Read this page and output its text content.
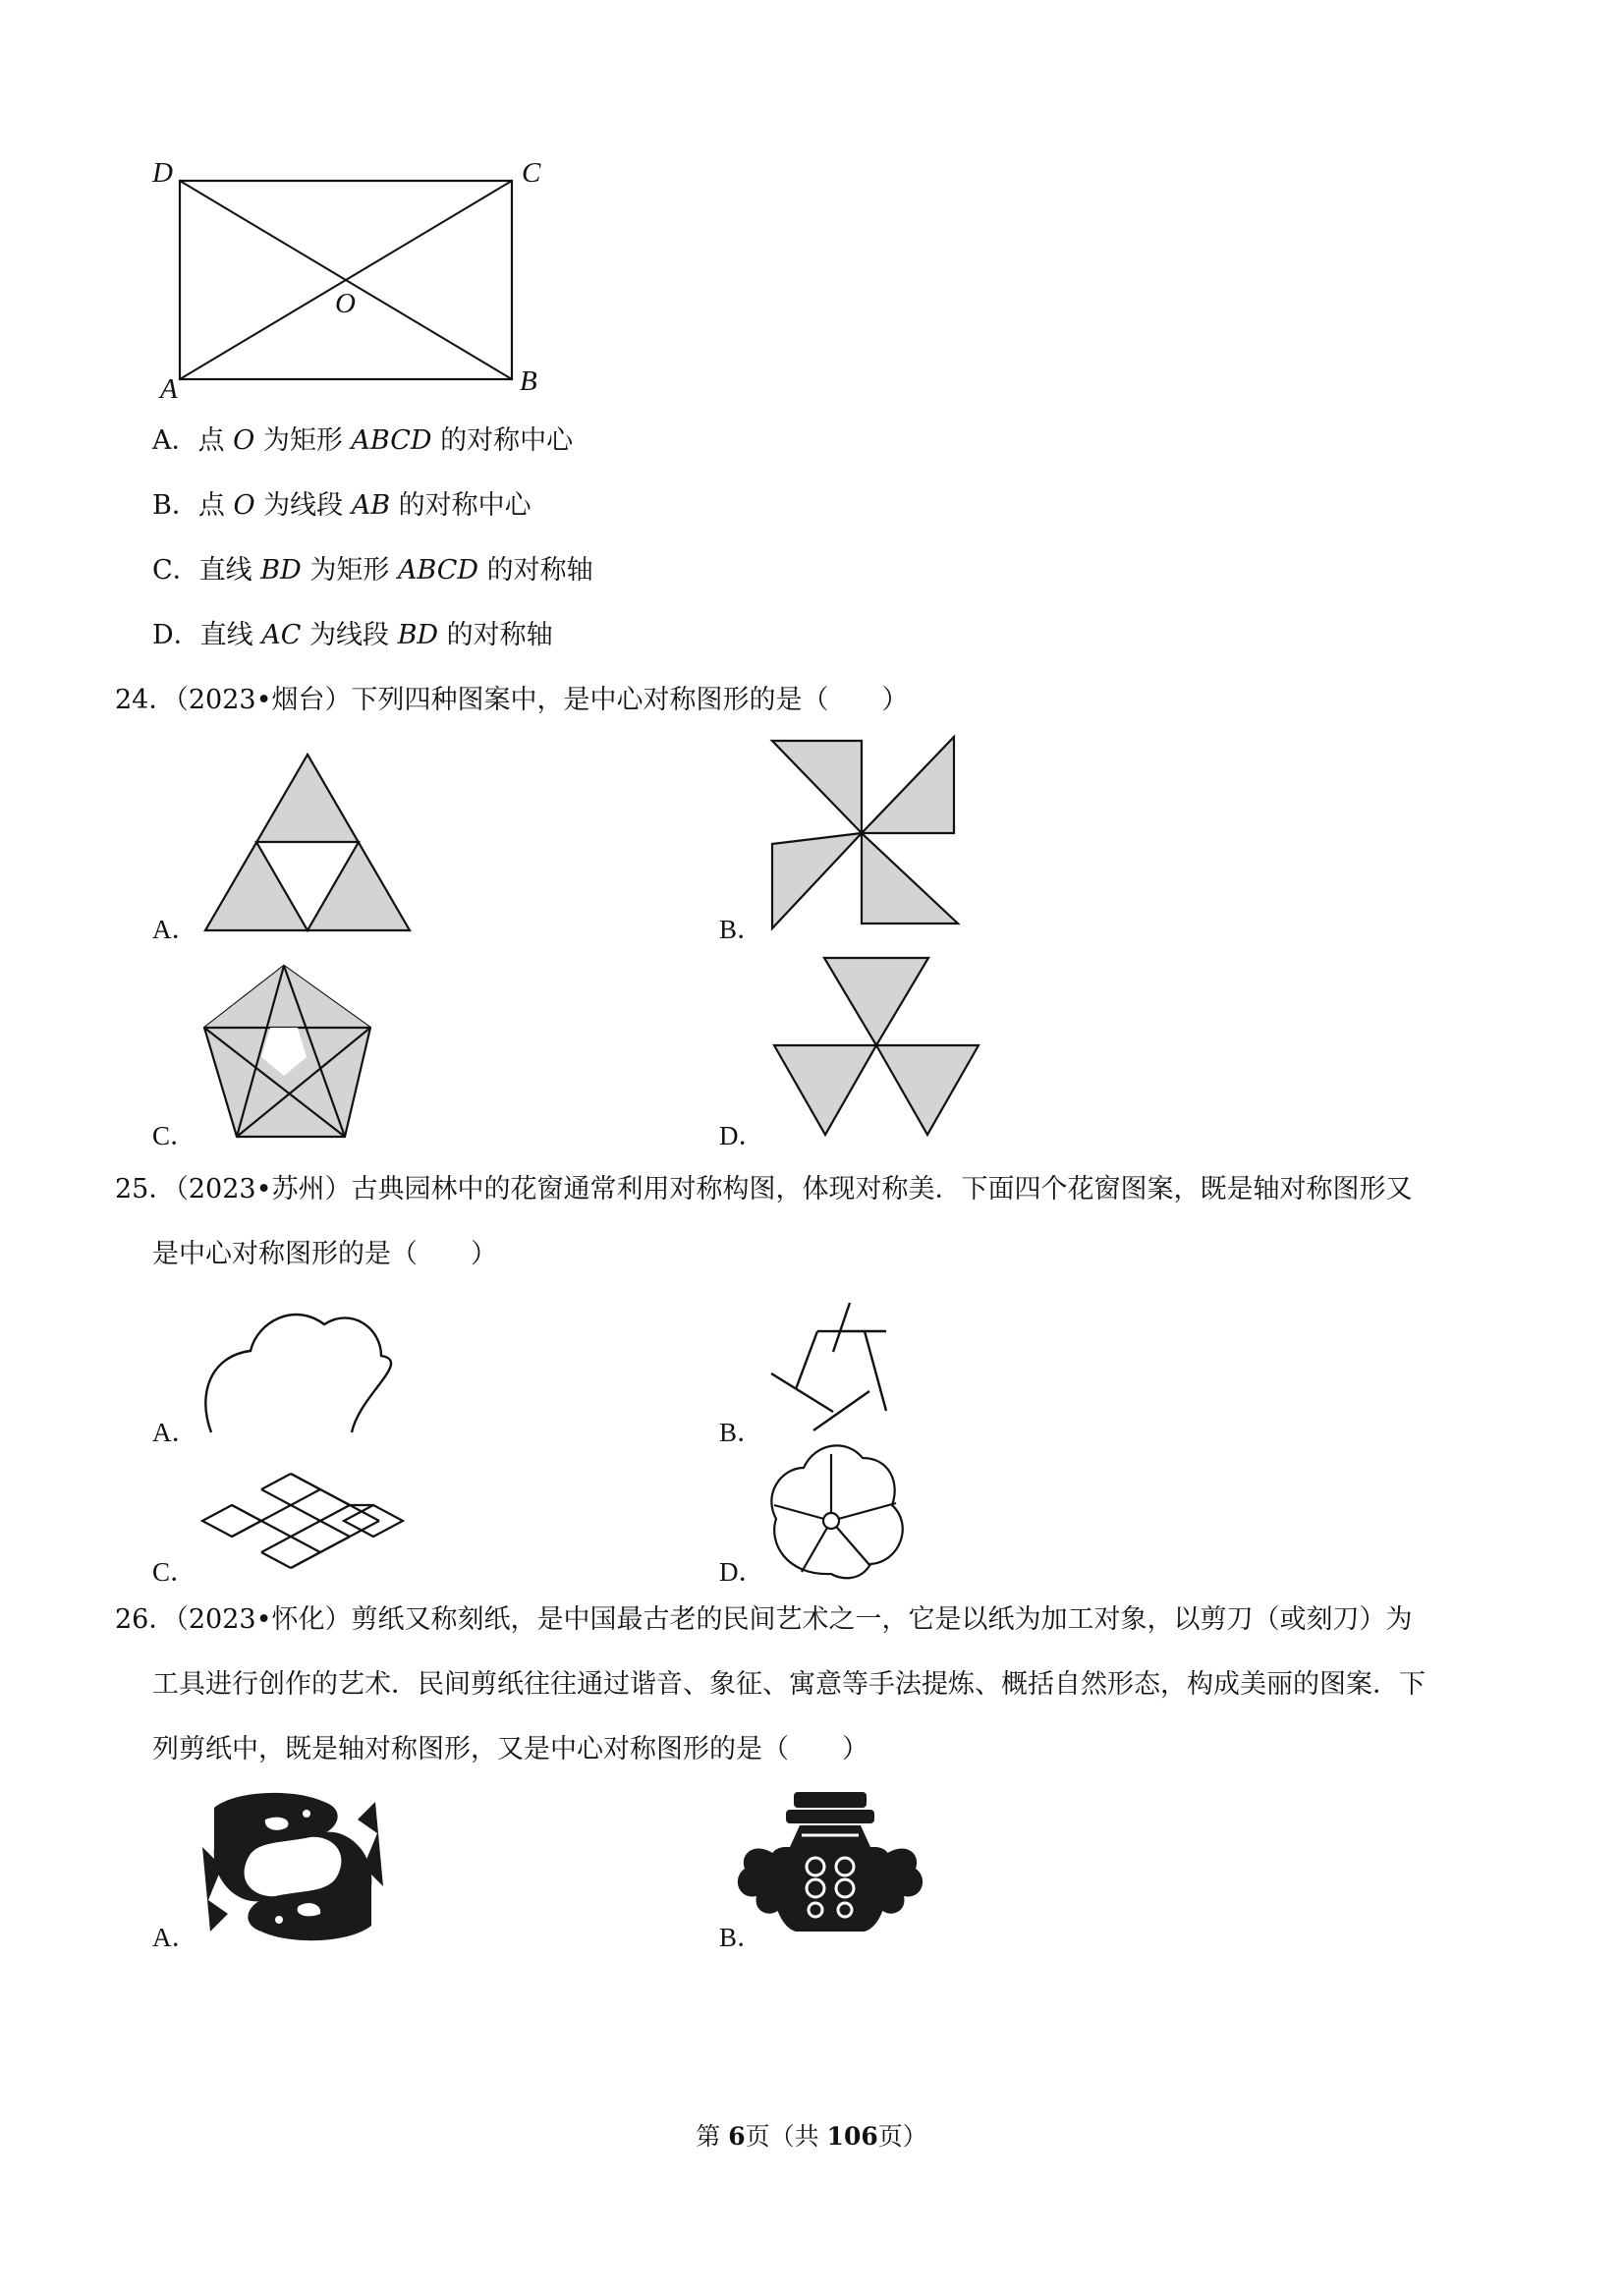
D	C
O
A	B
A．点 O 为矩形 ABCD 的对称中心
B．点 O 为线段 AB 的对称中心
C．直线 BD 为矩形 ABCD 的对称轴
D．直线 AC 为线段 BD 的对称轴
24．（2023•烟台）下列四种图案中，是中心对称图形的是（　　）
A．	B．
C．	D．
25．（2023•苏州）古典园林中的花窗通常利用对称构图，体现对称美．下面四个花窗图案，既是轴对称图形又
是中心对称图形的是（　　）
A．	B．
C．	D．
26．（2023•怀化）剪纸又称刻纸，是中国最古老的民间艺术之一，它是以纸为加工对象，以剪刀（或刻刀）为
工具进行创作的艺术．民间剪纸往往通过谐音、象征、寓意等手法提炼、概括自然形态，构成美丽的图案．下
列剪纸中，既是轴对称图形，又是中心对称图形的是（　　）
A．	B．
第 6页（共 106页）
